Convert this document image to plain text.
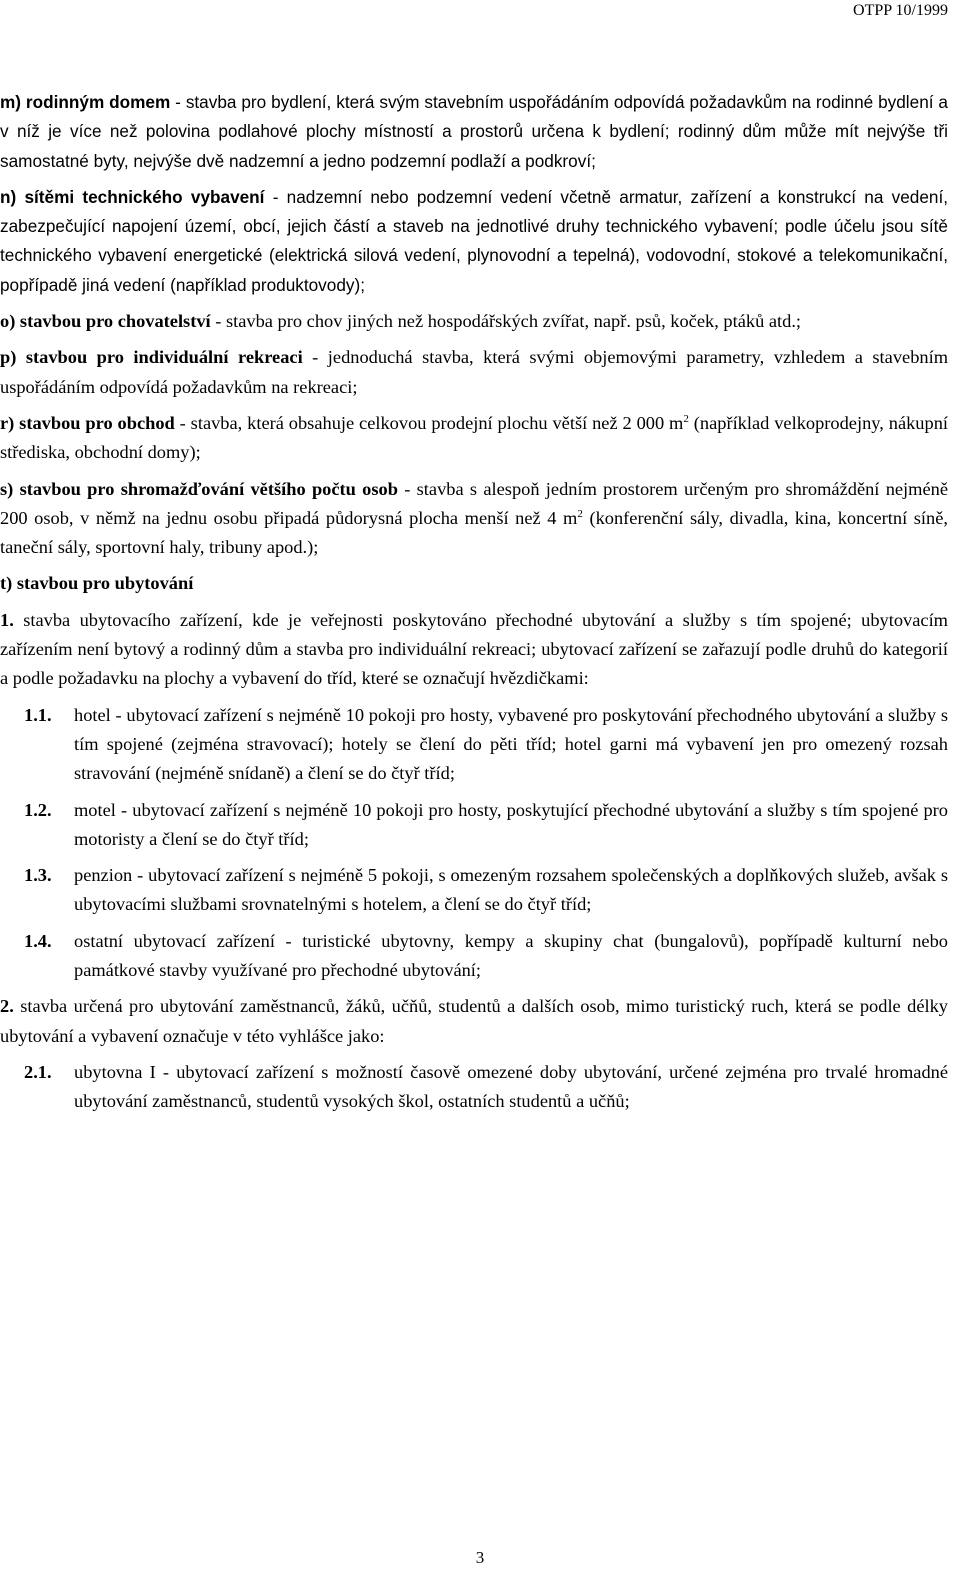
OTPP 10/1999

m) rodinným domem - stavba pro bydlení, která svým stavebním uspořádáním odpovídá požadavkům na rodinné bydlení a v níž je více než polovina podlahové plochy místností a prostorů určena k bydlení; rodinný dům může mít nejvýše tři samostatné byty, nejvýše dvě nadzemní a jedno podzemní podlaží a podkroví;

n) sítěmi technického vybavení - nadzemní nebo podzemní vedení včetně armatur, zařízení a konstrukcí na vedení, zabezpečující napojení území, obcí, jejich částí a staveb na jednotlivé druhy technického vybavení; podle účelu jsou sítě technického vybavení energetické (elektrická silová vedení, plynovodní a tepelná), vodovodní, stokové a telekomunikační, popřípadě jiná vedení (například produktovody);

o) stavbou pro chovatelství - stavba pro chov jiných než hospodářských zvířat, např. psů, koček, ptáků atd.;

p) stavbou pro individuální rekreaci - jednoduchá stavba, která svými objemovými parametry, vzhledem a stavebním uspořádáním odpovídá požadavkům na rekreaci;

r) stavbou pro obchod - stavba, která obsahuje celkovou prodejní plochu větší než 2 000 $m^2$ (například velkoprodejny, nákupní střediska, obchodní domy);

s) stavbou pro shromažďování většího počtu osob - stavba s alespoň jedním prostorem určeným pro shromáždění nejméně 200 osob, v němž na jednu osobu připadá půdorysná plocha menší než 4 $m^2$ (konferenční sály, divadla, kina, koncertní síně, taneční sály, sportovní haly, tribuny apod.);

t) stavbou pro ubytování

1. stavba ubytovacího zařízení, kde je veřejnosti poskytováno přechodné ubytování a služby s tím spojené; ubytovacím zařízením není bytový a rodinný dům a stavba pro individuální rekreaci; ubytovací zařízení se zařazují podle druhů do kategorií a podle požadavku na plochy a vybavení do tříd, které se označují hvězdičkami:

1.1.	hotel - ubytovací zařízení s nejméně 10 pokoji pro hosty, vybavené pro poskytování přechodného ubytování a služby s tím spojené (zejména stravovací); hotely se člení do pěti tříd; hotel garni má vybavení jen pro omezený rozsah stravování (nejméně snídaně) a člení se do čtyř tříd;
1.2.	motel - ubytovací zařízení s nejméně 10 pokoji pro hosty, poskytující přechodné ubytování a služby s tím spojené pro motoristy a člení se do čtyř tříd;
1.3.	penzion - ubytovací zařízení s nejméně 5 pokoji, s omezeným rozsahem společenských a doplňkových služeb, avšak s ubytovacími službami srovnatelnými s hotelem, a člení se do čtyř tříd;
1.4.	ostatní ubytovací zařízení - turistické ubytovny, kempy a skupiny chat (bungalovů), popřípadě kulturní nebo památkové stavby využívané pro přechodné ubytování;

2. stavba určená pro ubytování zaměstnanců, žáků, učňů, studentů a dalších osob, mimo turistický ruch, která se podle délky ubytování a vybavení označuje v této vyhlášce jako:

2.1.	ubytovna I - ubytovací zařízení s možností časově omezené doby ubytování, určené zejména pro trvalé hromadné ubytování zaměstnanců, studentů vysokých škol, ostatních studentů a učňů;
3
